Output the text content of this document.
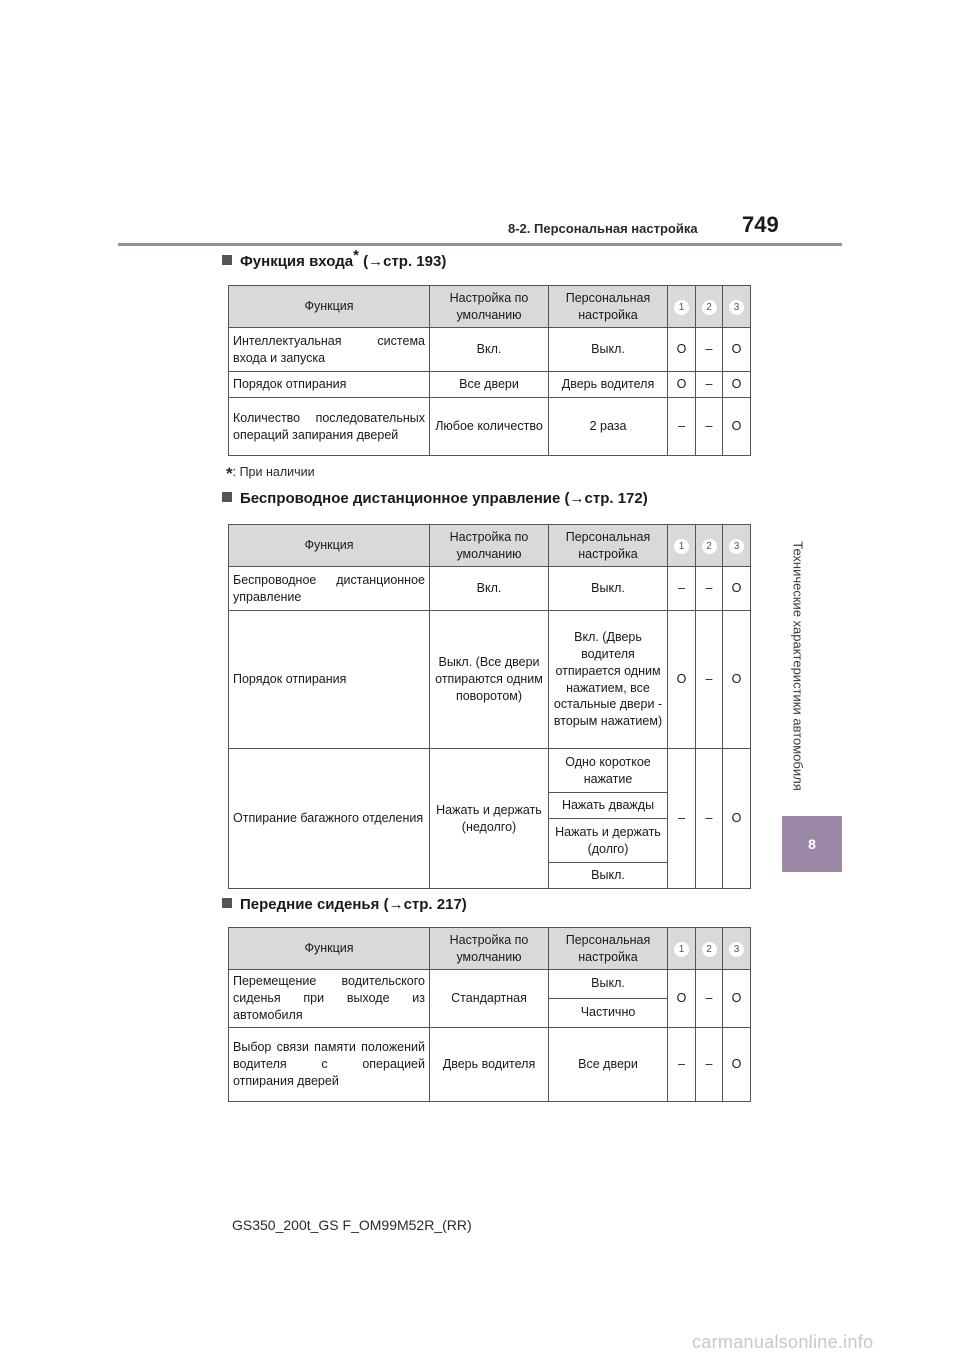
8-2. Персональная настройка 749
Технические характеристики автомобиля
8
Функция входа* (→стр. 193)
Функция	Настройка по умолчанию	Персональная настройка	1	2	3
Интеллектуальная система входа и запуска	Вкл.	Выкл.	O	–	O
Порядок отпирания	Все двери	Дверь водителя	O	–	O
Количество последовательных операций запирания дверей	Любое количество	2 раза	–	–	O
*: При наличии
Беспроводное дистанционное управление (→стр. 172)
Функция	Настройка по умолчанию	Персональная настройка	1	2	3
Беспроводное дистанционное управление	Вкл.	Выкл.	–	–	O
Порядок отпирания	Выкл. (Все двери отпираются одним поворотом)	Вкл. (Дверь водителя отпирается одним нажатием, все остальные двери - вторым нажатием)	O	–	O
Отпирание багажного отделения	Нажать и держать (недолго)	Одно короткое нажатие	–	–	O
		Нажать дважды			
		Нажать и держать (долго)			
		Выкл.			
Передние сиденья (→стр. 217)
Функция	Настройка по умолчанию	Персональная настройка	1	2	3
Перемещение водительского сиденья при выходе из автомобиля	Стандартная	Выкл.	O	–	O
		Частично			
Выбор связи памяти положений водителя с операцией отпирания дверей	Дверь водителя	Все двери	–	–	O
GS350_200t_GS F_OM99M52R_(RR)
carmanualsonline.info
